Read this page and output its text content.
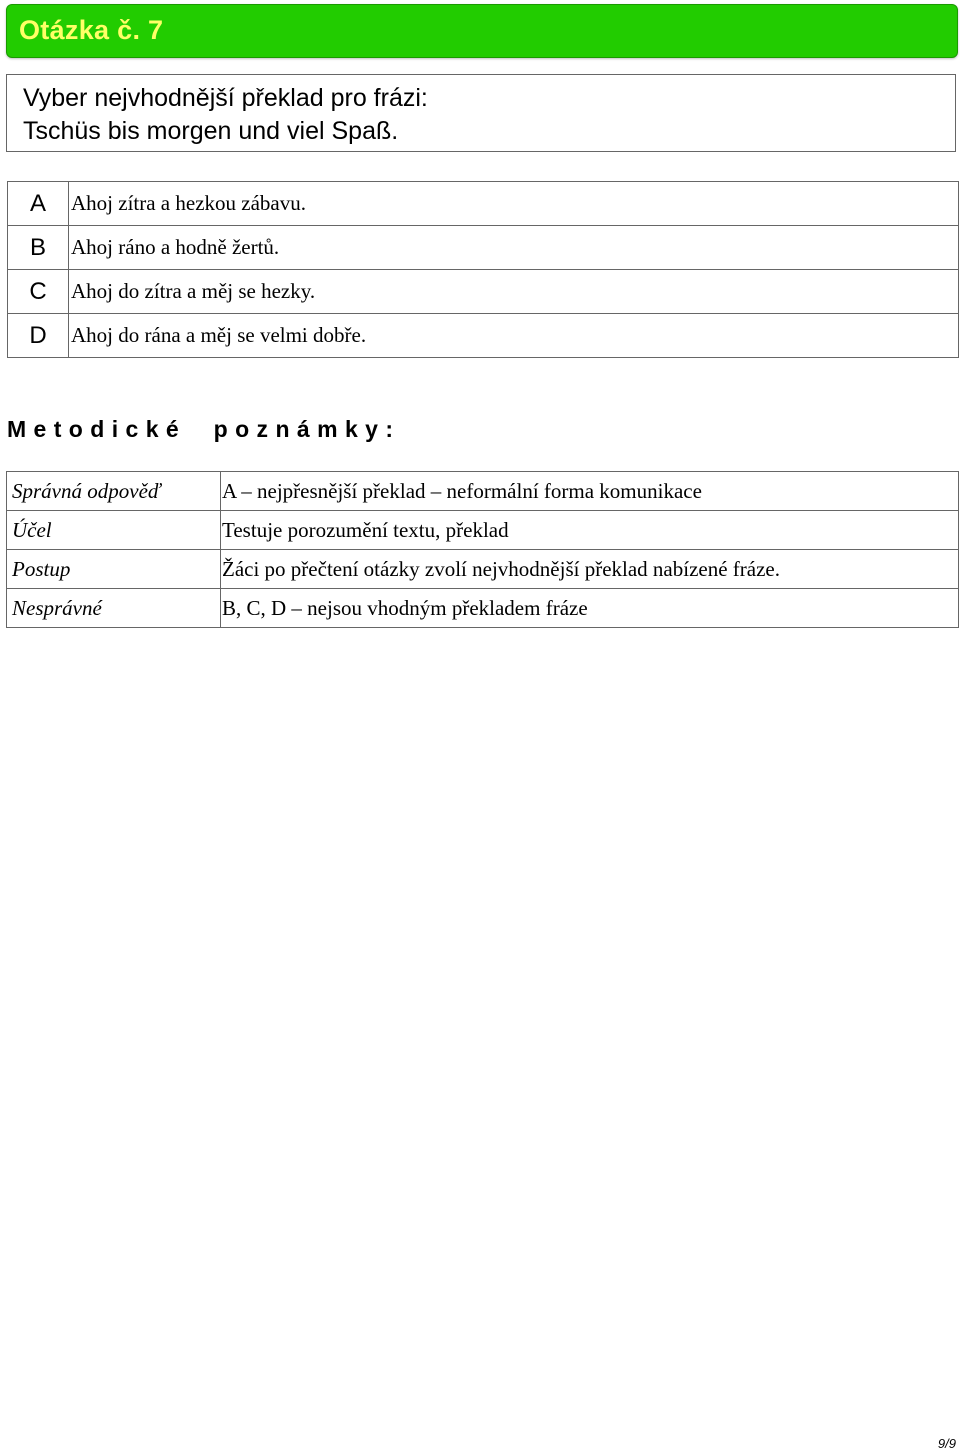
Otázka č. 7
Vyber nejvhodnější překlad pro frázi:
Tschüs bis morgen und viel Spaß.
A	Ahoj zítra a hezkou zábavu.
B	Ahoj ráno a hodně žertů.
C	Ahoj do zítra a měj se hezky.
D	Ahoj do rána a měj se velmi dobře.
Metodické  poznámky:
Správná odpověď	A – nejpřesnější překlad – neformální forma komunikace
Účel	Testuje porozumění textu, překlad
Postup	Žáci po přečtení otázky zvolí nejvhodnější překlad nabízené fráze.
Nesprávné	B, C, D – nejsou vhodným překladem fráze
9/9
